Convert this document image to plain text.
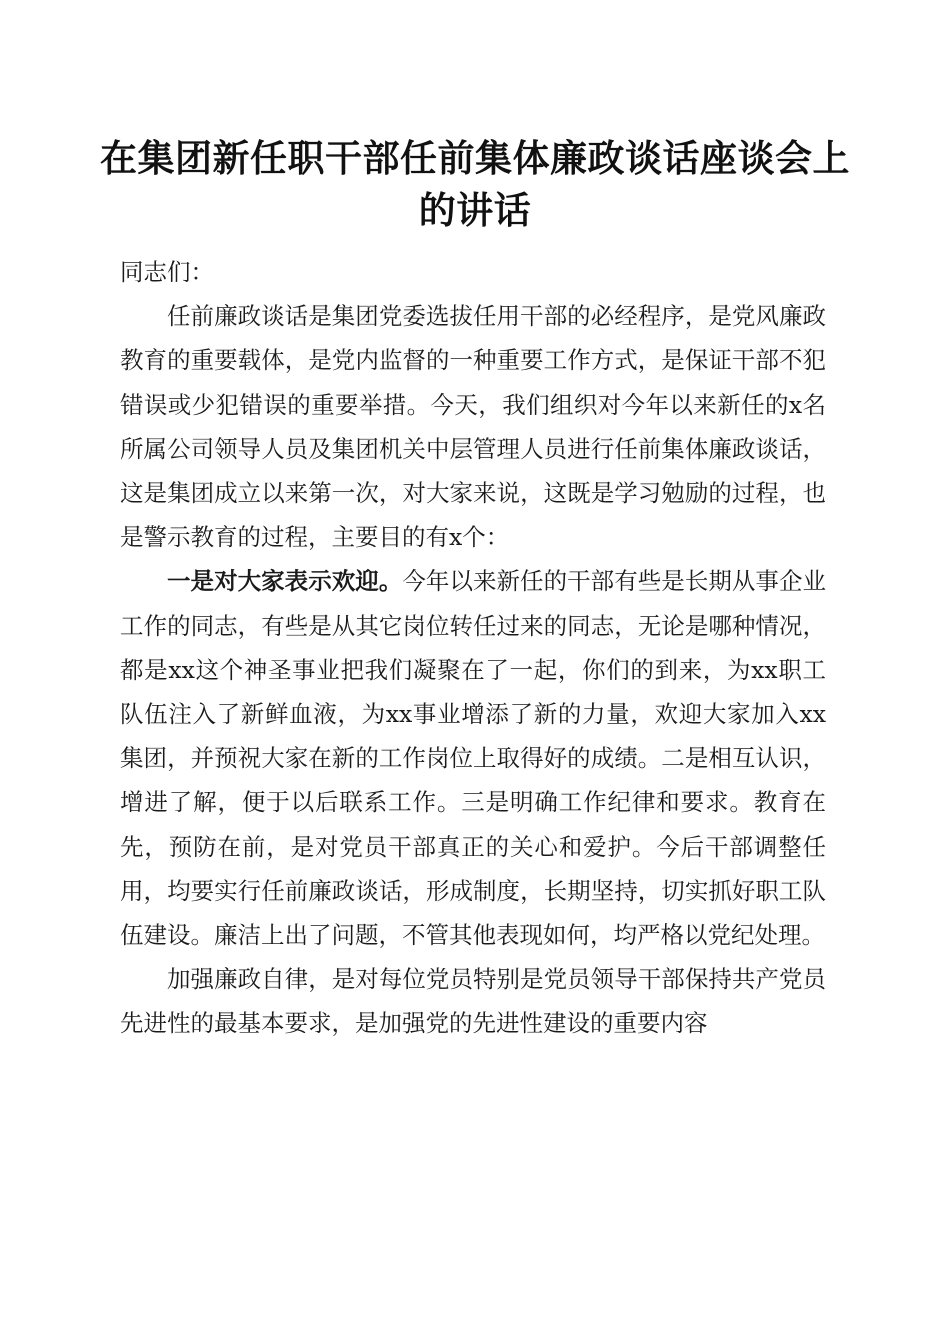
在集团新任职干部任前集体廉政谈话座谈会上
的讲话

同志们：

任前廉政谈话是集团党委选拔任用干部的必经程序，是党风廉政教育的重要载体，是党内监督的一种重要工作方式，是保证干部不犯错误或少犯错误的重要举措。今天，我们组织对今年以来新任的x名所属公司领导人员及集团机关中层管理人员进行任前集体廉政谈话，这是集团成立以来第一次，对大家来说，这既是学习勉励的过程，也是警示教育的过程，主要目的有x个：

一是对大家表示欢迎。今年以来新任的干部有些是长期从事企业工作的同志，有些是从其它岗位转任过来的同志，无论是哪种情况，都是xx这个神圣事业把我们凝聚在了一起，你们的到来，为xx职工队伍注入了新鲜血液，为xx事业增添了新的力量，欢迎大家加入xx集团，并预祝大家在新的工作岗位上取得好的成绩。二是相互认识，增进了解，便于以后联系工作。三是明确工作纪律和要求。教育在先，预防在前，是对党员干部真正的关心和爱护。今后干部调整任用，均要实行任前廉政谈话，形成制度，长期坚持，切实抓好职工队伍建设。廉洁上出了问题，不管其他表现如何，均严格以党纪处理。

加强廉政自律，是对每位党员特别是党员领导干部保持共产党员先进性的最基本要求，是加强党的先进性建设的重要内容
